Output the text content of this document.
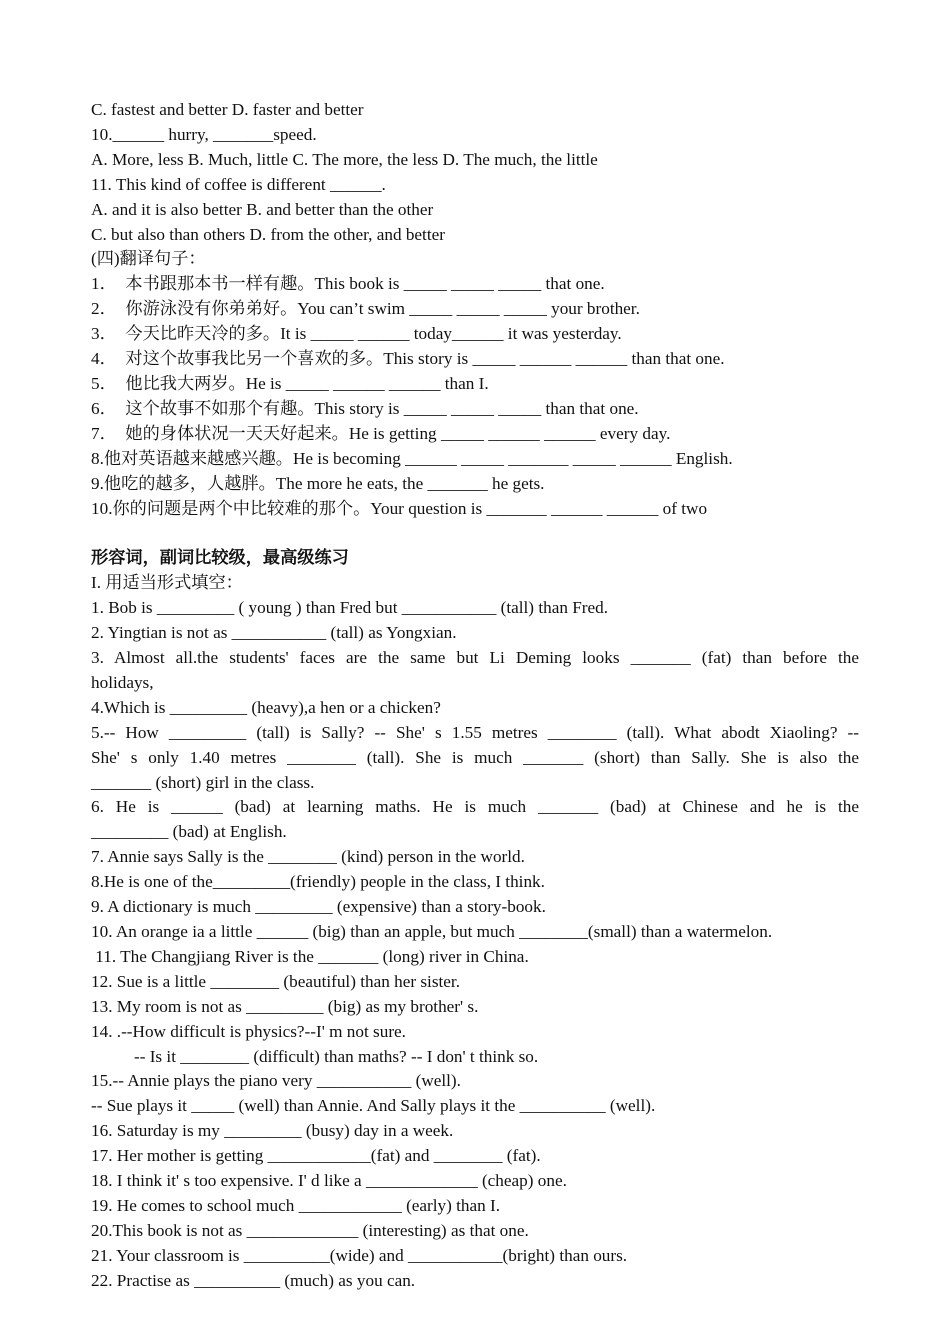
C. fastest and better D. faster and better

10.______ hurry, _______speed.

A. More, less B. Much, little C. The more, the less D. The much, the little

11. This kind of coffee is different ______.

A. and it is also better B. and better than the other

C. but also than others D. from the other, and better

(四)翻译句子：

1．  本书跟那本书一样有趣。This book is _____ _____ _____ that one.

2．  你游泳没有你弟弟好。You can’t swim _____ _____ _____ your brother.

3．  今天比昨天冷的多。It is _____ ______ today______ it was yesterday.

4．  对这个故事我比另一个喜欢的多。This story is _____ ______ ______ than that one.

5．  他比我大两岁。He is _____ ______ ______ than I.

6．  这个故事不如那个有趣。This story is _____ _____ _____ than that one.

7．  她的身体状况一天天好起来。He is getting _____ ______ ______ every day.

8.他对英语越来越感兴趣。He is becoming ______ _____ _______ _____ ______ English.

9.他吃的越多，人越胖。The more he eats, the _______ he gets.

10.你的问题是两个中比较难的那个。Your question is _______ ______ ______ of two

形容词，副词比较级，最高级练习

I. 用适当形式填空：

1. Bob is _________ ( young ) than Fred but ___________ (tall) than Fred.

2. Yingtian is not as ___________ (tall) as Yongxian.

3. Almost all.the students' faces are the same but Li Deming looks _______ (fat) than before the

holidays,

4.Which is _________ (heavy),a hen or a chicken?

5.-- How _________ (tall) is Sally? -- She' s 1.55 metres ________ (tall). What abodt Xiaoling? --

She' s only 1.40 metres ________ (tall). She is much _______ (short) than Sally. She is also the

_______ (short) girl in the class.

6. He is ______ (bad) at learning maths. He is much _______ (bad) at Chinese and he is the

_________ (bad) at English.

7. Annie says Sally is the ________ (kind) person in the world.

8.He is one of the_________(friendly) people in the class, I think.

9. A dictionary is much _________ (expensive) than a story-book.

10. An orange ia a little ______ (big) than an apple, but much ________(small) than a watermelon.

11. The Changjiang River is the _______ (long) river in China.

12. Sue is a little ________ (beautiful) than her sister.

13. My room is not as _________ (big) as my brother' s.

14. .--How difficult is physics?--I' m not sure.

-- Is it ________ (difficult) than maths? -- I don' t think so.

15.-- Annie plays the piano very ___________ (well).

-- Sue plays it _____ (well) than Annie. And Sally plays it the __________ (well).

16. Saturday is my _________ (busy) day in a week.

17. Her mother is getting ____________(fat) and ________ (fat).

18. I think it' s too expensive. I' d like a _____________ (cheap) one.

19. He comes to school much ____________ (early) than I.

20.This book is not as _____________ (interesting) as that one.

21. Your classroom is __________(wide) and ___________(bright) than ours.

22. Practise as __________ (much) as you can.
